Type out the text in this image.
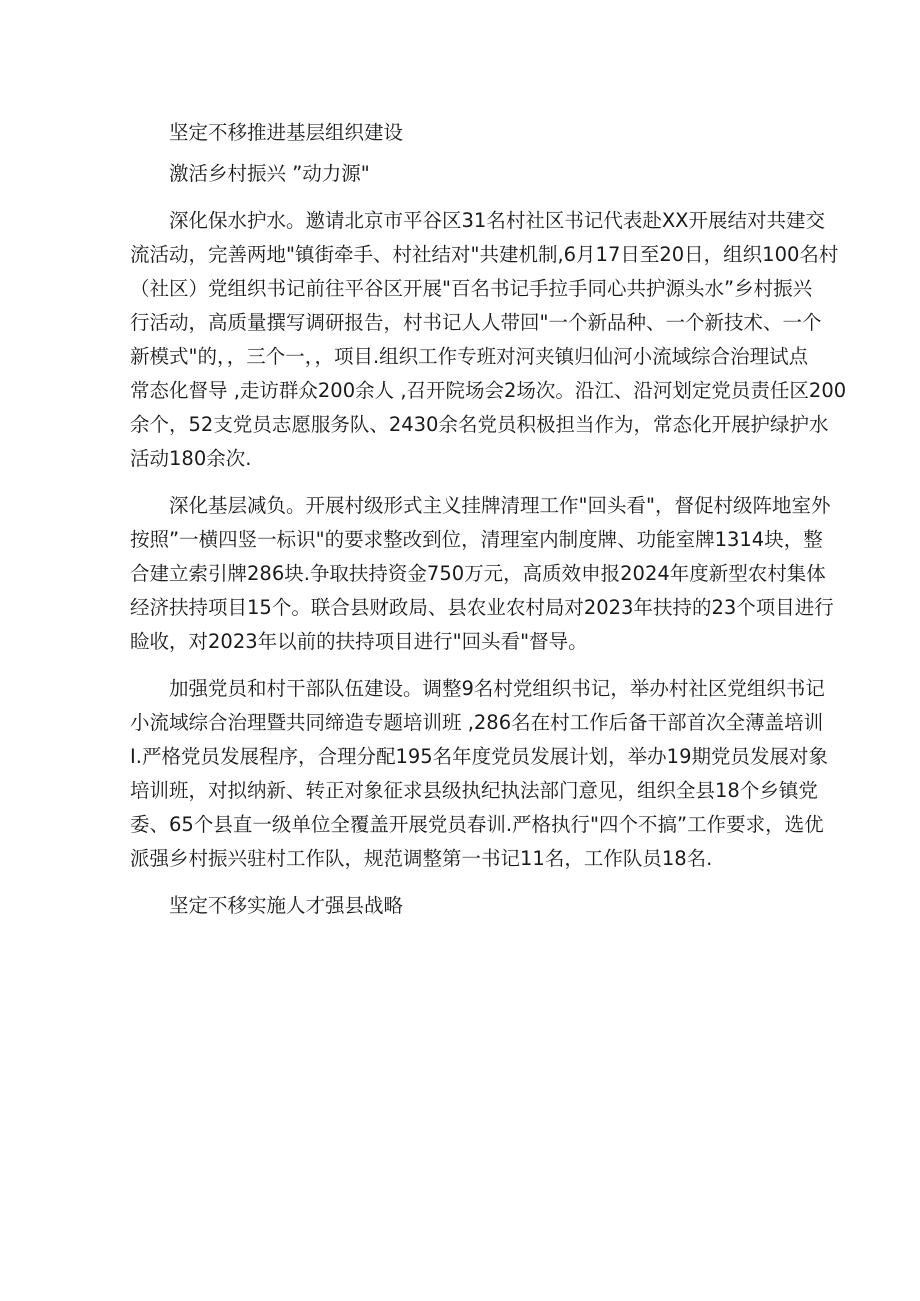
坚定不移推进基层组织建设
激活乡村振兴 ”动力源"
深化保水护水。邀请北京市平谷区31名村社区书记代表赴XX开展结对共建交
流活动，完善两地"镇街牵手、村社结对"共建机制,6月17日至20日，组织100名村
（社区）党组织书记前往平谷区开展"百名书记手拉手同心共护源头水”乡村振兴
行活动，高质量撰写调研报告，村书记人人带回"一个新品种、一个新技术、一个
新模式"的，，三个一，，项目.组织工作专班对河夹镇归仙河小流域综合治理试点
常态化督导 ,走访群众200余人 ,召开院场会2场次。沿江、沿河划定党员责任区200
余个，52支党员志愿服务队、2430余名党员积极担当作为，常态化开展护绿护水
活动180余次.
深化基层减负。开展村级形式主义挂牌清理工作"回头看"，督促村级阵地室外
按照”一横四竖一标识"的要求整改到位，清理室内制度牌、功能室牌1314块，整
合建立索引牌286块.争取扶持资金750万元，高质效申报2024年度新型农村集体
经济扶持项目15个。联合县财政局、县农业农村局对2023年扶持的23个项目进行
睑收，对2023年以前的扶持项目进行"回头看"督导。
加强党员和村干部队伍建设。调整9名村党组织书记，举办村社区党组织书记
小流域综合治理暨共同缔造专题培训班 ,286名在村工作后备干部首次全薄盖培训
I.严格党员发展程序，合理分配195名年度党员发展计划，举办19期党员发展对象
培训班，对拟纳新、转正对象征求县级执纪执法部门意见，组织全县18个乡镇党
委、65个县直一级单位全覆盖开展党员春训.严格执行"四个不搞”工作要求，选优
派强乡村振兴驻村工作队，规范调整第一书记11名，工作队员18名.
坚定不移实施人才强县战略
